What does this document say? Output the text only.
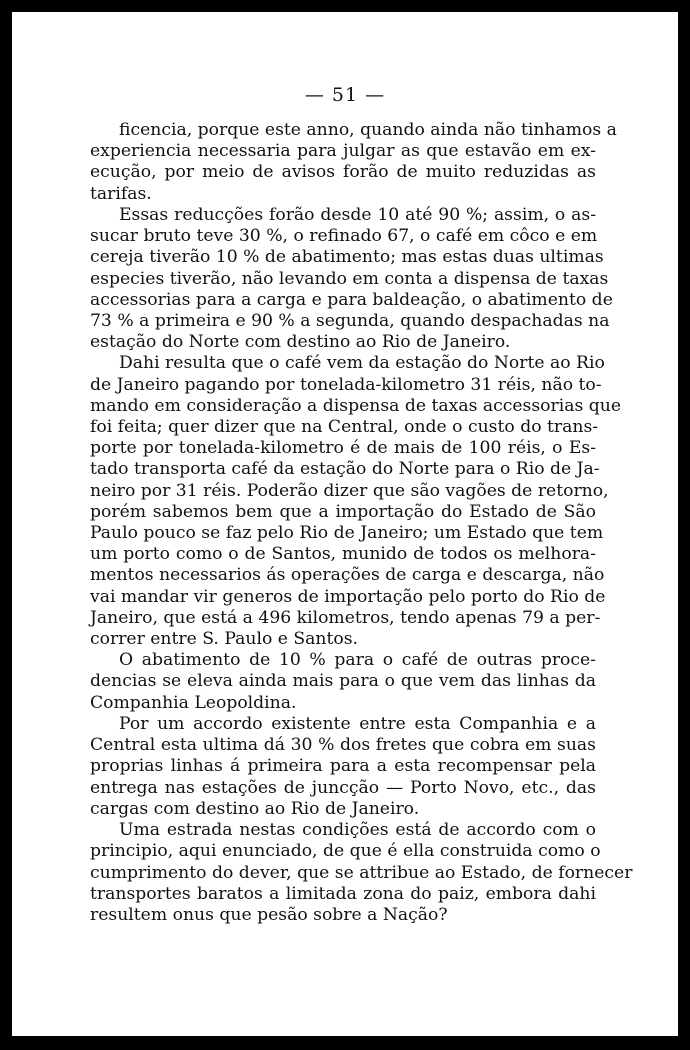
— 51 —
ficencia, porque este anno, quando ainda não tinhamos a
experiencia necessaria para julgar as que estavão em ex-
ecução, por meio de avisos forão de muito reduzidas as
tarifas.
Essas reducções forão desde 10 até 90 %; assim, o as-
sucar bruto teve 30 %, o refinado 67, o café em côco e em
cereja tiverão 10 % de abatimento; mas estas duas ultimas
especies tiverão, não levando em conta a dispensa de taxas
accessorias para a carga e para baldeação, o abatimento de
73 % a primeira e 90 % a segunda, quando despachadas na
estação do Norte com destino ao Rio de Janeiro.
Dahi resulta que o café vem da estação do Norte ao Rio
de Janeiro pagando por tonelada-kilometro 31 réis, não to-
mando em consideração a dispensa de taxas accessorias que
foi feita; quer dizer que na Central, onde o custo do trans-
porte por tonelada-kilometro é de mais de 100 réis, o Es-
tado transporta café da estação do Norte para o Rio de Ja-
neiro por 31 réis. Poderão dizer que são vagões de retorno,
porém sabemos bem que a importação do Estado de São
Paulo pouco se faz pelo Rio de Janeiro; um Estado que tem
um porto como o de Santos, munido de todos os melhora-
mentos necessarios ás operações de carga e descarga, não
vai mandar vir generos de importação pelo porto do Rio de
Janeiro, que está a 496 kilometros, tendo apenas 79 a per-
correr entre S. Paulo e Santos.
O abatimento de 10 % para o café de outras proce-
dencias se eleva ainda mais para o que vem das linhas da
Companhia Leopoldina.
Por um accordo existente entre esta Companhia e a
Central esta ultima dá 30 % dos fretes que cobra em suas
proprias linhas á primeira para a esta recompensar pela
entrega nas estações de juncção — Porto Novo, etc., das
cargas com destino ao Rio de Janeiro.
Uma estrada nestas condições está de accordo com o
principio, aqui enunciado, de que é ella construida como o
cumprimento do dever, que se attribue ao Estado, de fornecer
transportes baratos a limitada zona do paiz, embora dahi
resultem onus que pesão sobre a Nação?
